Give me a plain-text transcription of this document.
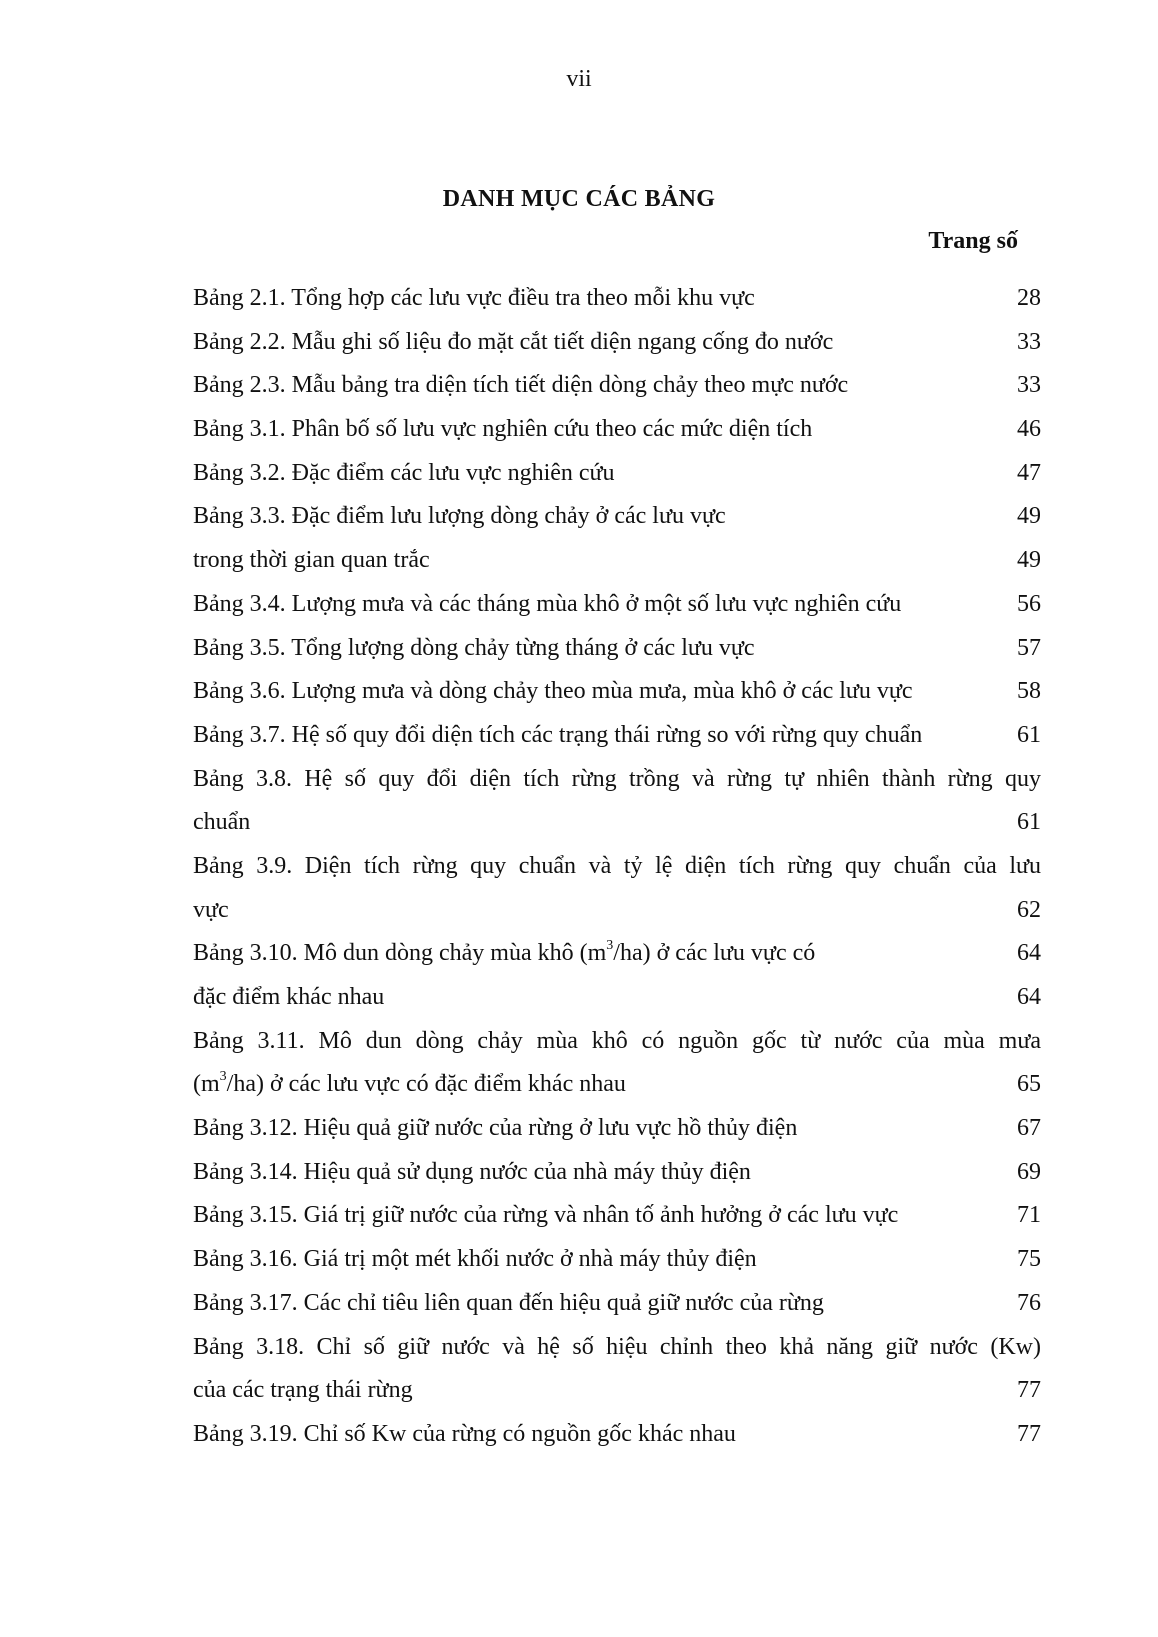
vii
DANH MỤC CÁC BẢNG
Trang số
Bảng 2.1. Tổng hợp các lưu vực điều tra theo mỗi khu vực	28
Bảng 2.2. Mẫu ghi số liệu đo mặt cắt tiết diện ngang cống đo nước	33
Bảng 2.3. Mẫu bảng tra diện tích tiết diện dòng chảy theo mực nước	33
Bảng 3.1. Phân bố số lưu vực nghiên cứu theo các mức diện tích	46
Bảng 3.2. Đặc điểm các lưu vực nghiên cứu	47
Bảng 3.3. Đặc điểm lưu lượng dòng chảy ở các lưu vực	49
trong thời gian quan trắc	49
Bảng 3.4. Lượng mưa và các tháng mùa khô ở một số lưu vực nghiên cứu	56
Bảng 3.5. Tổng lượng dòng chảy từng tháng ở các lưu vực	57
Bảng 3.6. Lượng mưa và dòng chảy theo mùa mưa, mùa khô ở các lưu vực	58
Bảng 3.7. Hệ số quy đổi diện tích các trạng thái rừng so với rừng quy chuẩn	61
Bảng 3.8. Hệ số quy đổi diện tích rừng trồng và rừng tự nhiên thành rừng quy
chuẩn	61
Bảng 3.9. Diện tích rừng quy chuẩn và tỷ lệ diện tích rừng quy chuẩn của lưu
vực	62
Bảng 3.10. Mô dun dòng chảy mùa khô $(m^3/ha)$ ở các lưu vực có	64
đặc điểm khác nhau	64
Bảng 3.11. Mô dun dòng chảy mùa khô có nguồn gốc từ nước của mùa mưa
$(m^3/ha)$ ở các lưu vực có đặc điểm khác nhau	65
Bảng 3.12. Hiệu quả giữ nước của rừng ở lưu vực hồ thủy điện	67
Bảng 3.14. Hiệu quả sử dụng nước của nhà máy thủy điện	69
Bảng 3.15. Giá trị giữ nước của rừng và nhân tố ảnh hưởng ở các lưu vực	71
Bảng 3.16. Giá trị một mét khối nước ở nhà máy thủy điện	75
Bảng 3.17. Các chỉ tiêu liên quan đến hiệu quả giữ nước của rừng	76
Bảng 3.18. Chỉ số giữ nước và hệ số hiệu chỉnh theo khả năng giữ nước (Kw)
của các trạng thái rừng	77
Bảng 3.19. Chỉ số Kw của rừng có nguồn gốc khác nhau	77
